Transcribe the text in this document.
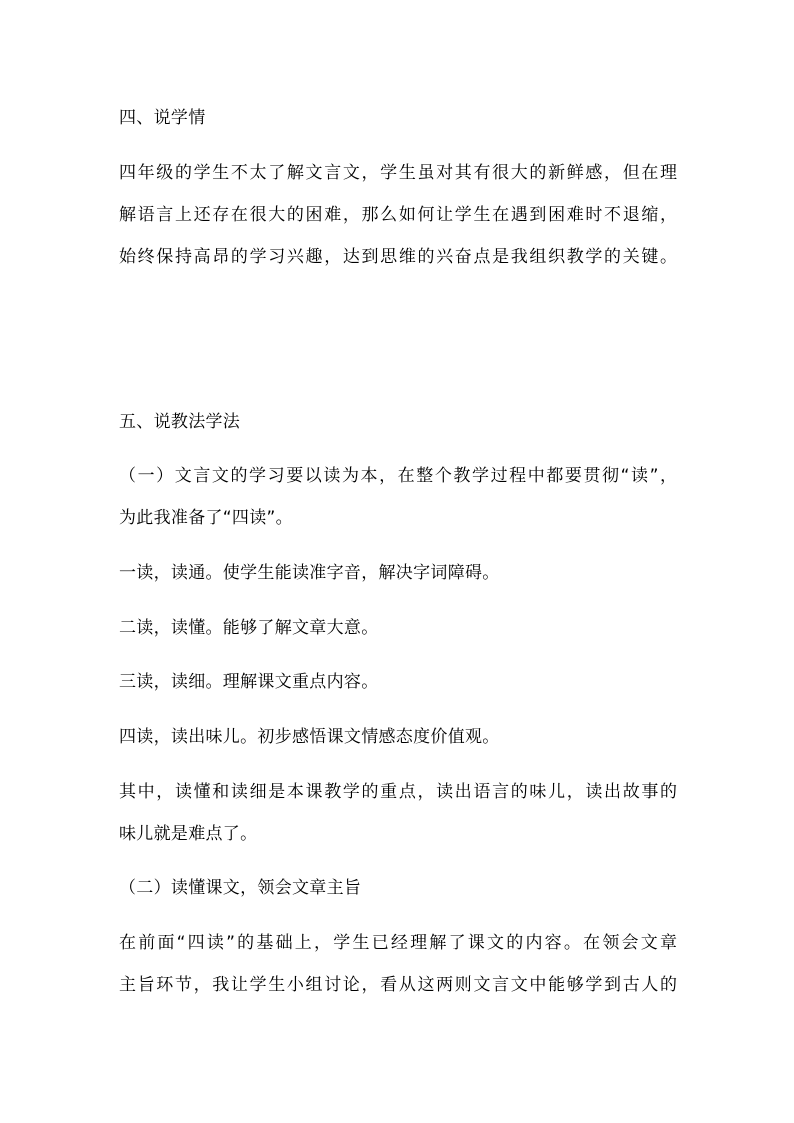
四、说学情
四年级的学生不太了解文言文，学生虽对其有很大的新鲜感，但在理
解语言上还存在很大的困难，那么如何让学生在遇到困难时不退缩，
始终保持高昂的学习兴趣，达到思维的兴奋点是我组织教学的关键。
五、说教法学法
（一）文言文的学习要以读为本，在整个教学过程中都要贯彻“读”，
为此我准备了“四读”。
一读，读通。使学生能读准字音，解决字词障碍。
二读，读懂。能够了解文章大意。
三读，读细。理解课文重点内容。
四读，读出味儿。初步感悟课文情感态度价值观。
其中，读懂和读细是本课教学的重点，读出语言的味儿，读出故事的
味儿就是难点了。
（二）读懂课文，领会文章主旨
在前面“四读”的基础上，学生已经理解了课文的内容。在领会文章
主旨环节，我让学生小组讨论，看从这两则文言文中能够学到古人的
